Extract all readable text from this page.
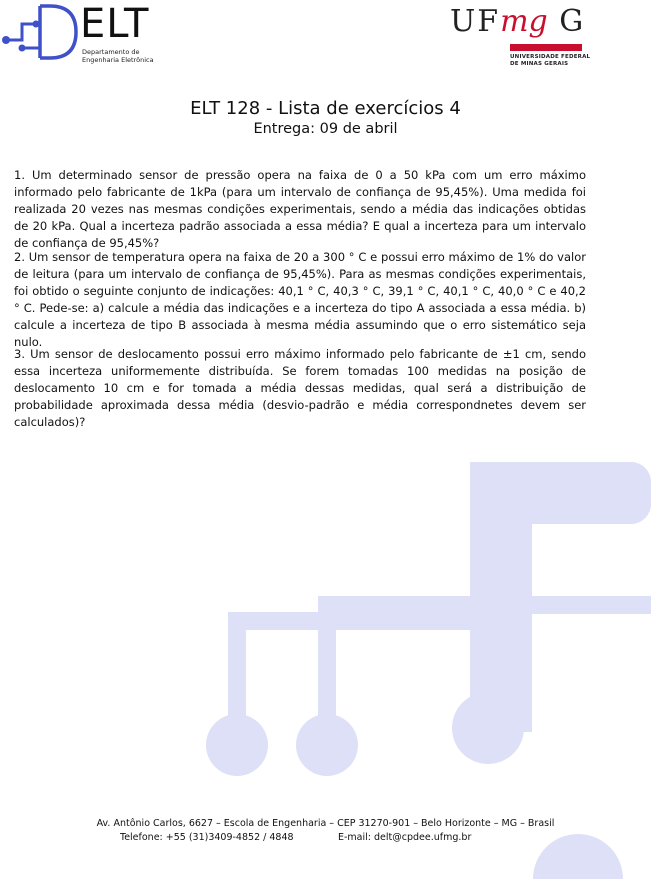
ELT
Departamento de
Engenharia Eletrônica
UFmg G
UNIVERSIDADE FEDERAL
DE MINAS GERAIS
ELT 128 - Lista de exercícios 4
Entrega: 09 de abril
1. Um determinado sensor de pressão opera na faixa de 0 a 50 kPa com um erro máximo informado pelo fabricante de 1kPa (para um intervalo de confiança de 95,45%). Uma medida foi realizada 20 vezes nas mesmas condições experimentais, sendo a média das indicações obtidas de 20 kPa. Qual a incerteza padrão associada a essa média? E qual a incerteza para um intervalo de confiança de 95,45%?
2. Um sensor de temperatura opera na faixa de 20 a 300 ° C e possui erro máximo de 1% do valor de leitura (para um intervalo de confiança de 95,45%). Para as mesmas condições experimentais, foi obtido o seguinte conjunto de indicações: 40,1 ° C, 40,3 ° C, 39,1 ° C, 40,1 ° C, 40,0 ° C e 40,2 ° C. Pede-se: a) calcule a média das indicações e a incerteza do tipo A associada a essa média. b) calcule a incerteza de tipo B associada à mesma média assumindo que o erro sistemático seja nulo.
3. Um sensor de deslocamento possui erro máximo informado pelo fabricante de ±1 cm, sendo essa incerteza uniformemente distribuída. Se forem tomadas 100 medidas na posição de deslocamento 10 cm e for tomada a média dessas medidas, qual será a distribuição de probabilidade aproximada dessa média (desvio-padrão e média correspondnetes devem ser calculados)?
Av. Antônio Carlos, 6627 – Escola de Engenharia – CEP 31270-901 – Belo Horizonte – MG – Brasil
Telefone: +55 (31)3409-4852 / 4848	E-mail: delt@cpdee.ufmg.br
